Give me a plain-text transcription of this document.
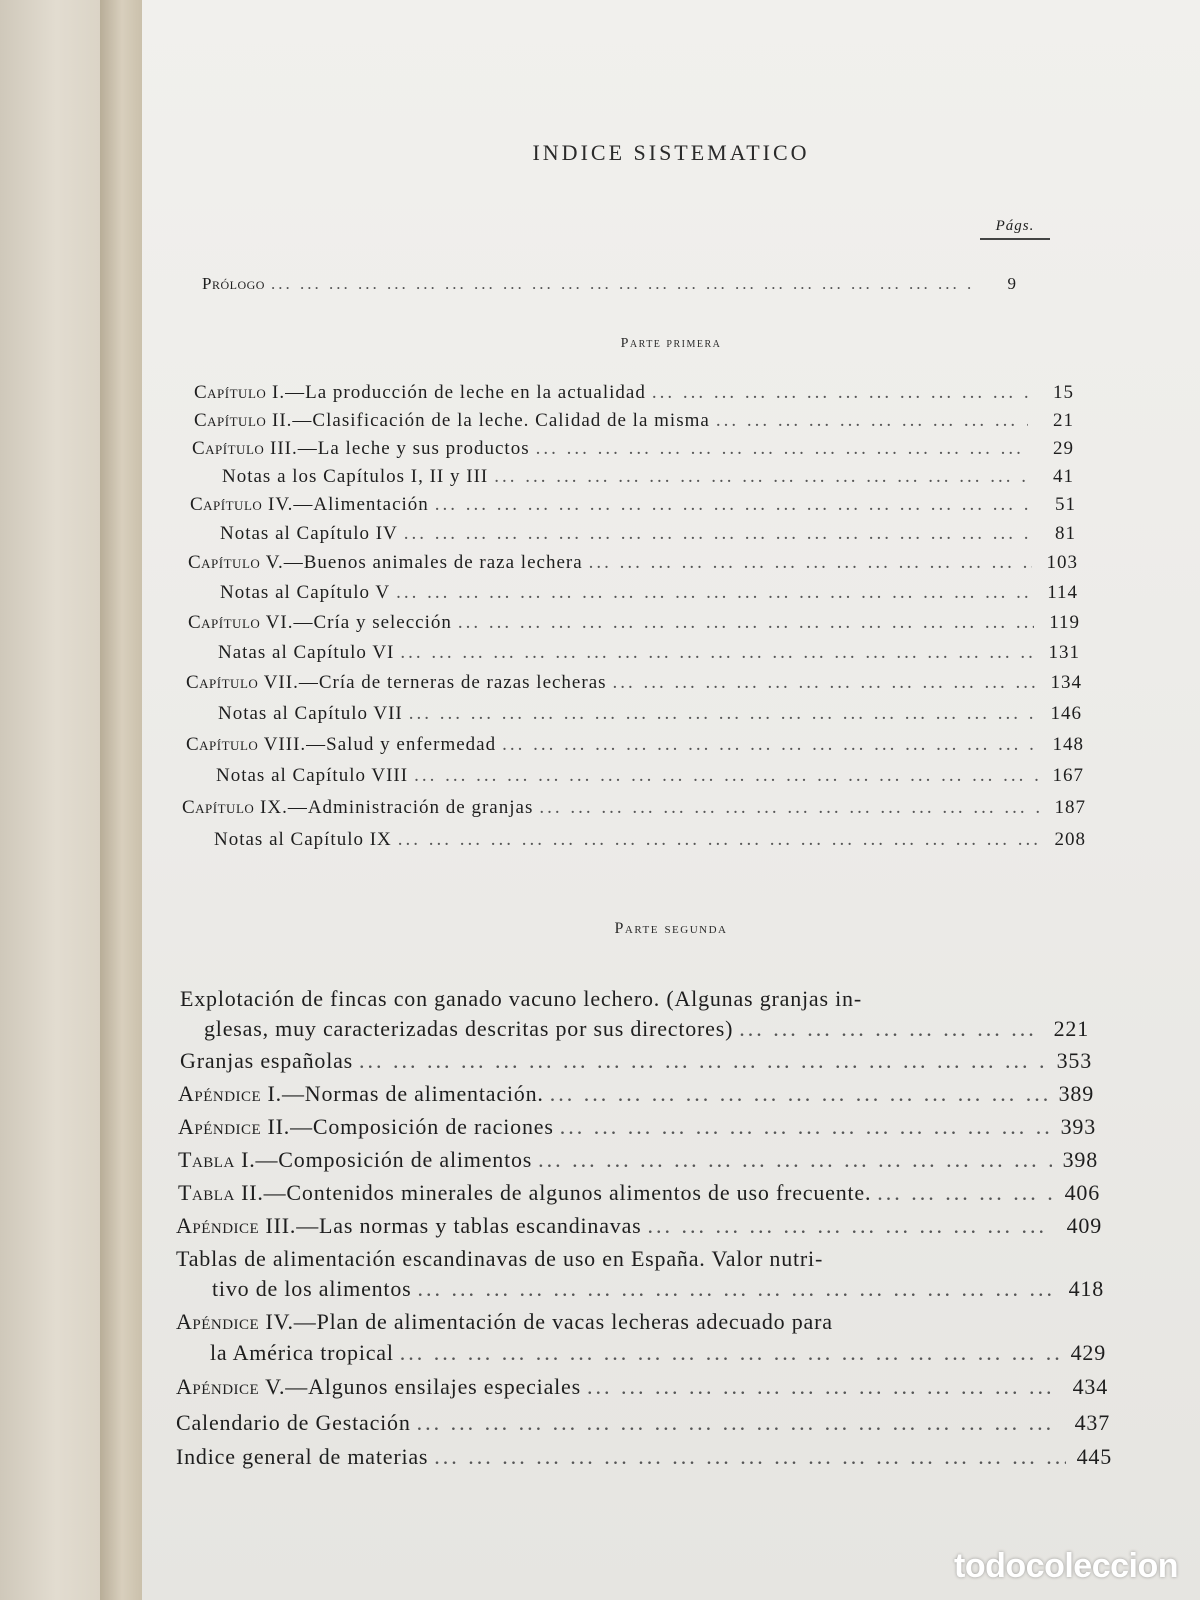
INDICE SISTEMATICO
Págs.
Prólogo ... .	9
Parte primera
Capítulo I.—La producción de leche en la actualidad ... .	15
Capítulo II.—Clasificación de la leche. Calidad de la misma ... .	21
Capítulo III.—La leche y sus productos ... .	29
Notas a los Capítulos I, II y III ... .	41
Capítulo IV.—Alimentación ... .	51
Notas al Capítulo IV ... .	81
Capítulo V.—Buenos animales de raza lechera ... .	103
Notas al Capítulo V ... .	114
Capítulo VI.—Cría y selección ... .	119
Natas al Capítulo VI ... .	131
Capítulo VII.—Cría de terneras de razas lecheras ... .	134
Notas al Capítulo VII ... .	146
Capítulo VIII.—Salud y enfermedad ... .	148
Notas al Capítulo VIII ... .	167
Capítulo IX.—Administración de granjas ... .	187
Notas al Capítulo IX ... .	208
Parte segunda
Explotación de fincas con ganado vacuno lechero. (Algunas granjas in-
glesas, muy caracterizadas descritas por sus directores) ... .	221
Granjas españolas ... .	353
Apéndice I.—Normas de alimentación. ... .	389
Apéndice II.—Composición de raciones ... .	393
Tabla I.—Composición de alimentos ... .	398
Tabla II.—Contenidos minerales de algunos alimentos de uso frecuente. ... .	406
Apéndice III.—Las normas y tablas escandinavas ... .	409
Tablas de alimentación escandinavas de uso en España. Valor nutri-
tivo de los alimentos ... .	418
Apéndice IV.—Plan de alimentación de vacas lecheras adecuado para
la América tropical ... .	429
Apéndice V.—Algunos ensilajes especiales ... .	434
Calendario de Gestación ... .	437
Indice general de materias ... .	445
todocoleccion
